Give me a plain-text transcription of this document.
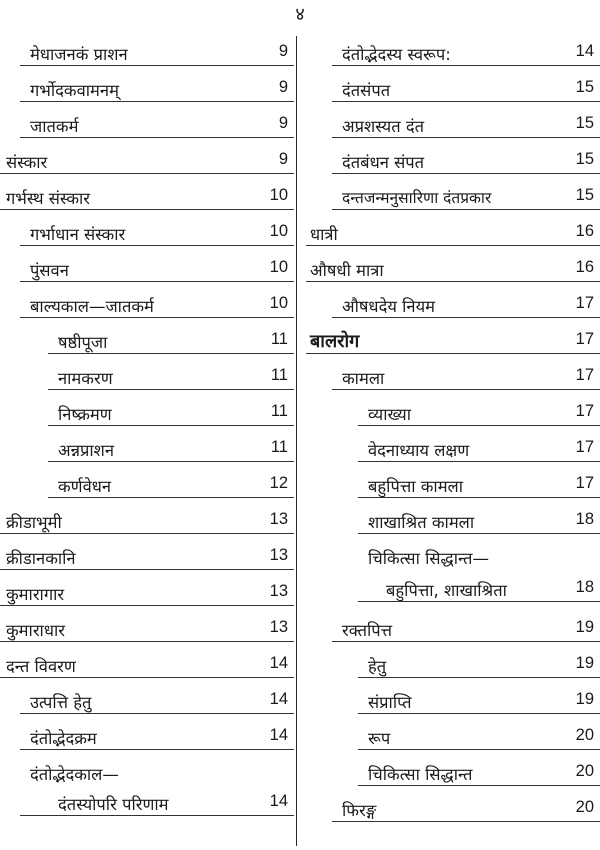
४
मेधाजनकं प्राशन	9
गर्भोदकवामनम्	9
जातकर्म	9
संस्कार	9
गर्भस्थ संस्कार	10
गर्भाधान संस्कार	10
पुंसवन	10
बाल्यकाल—जातकर्म	10
षष्ठीपूजा	11
नामकरण	11
निष्क्रमण	11
अन्नप्राशन	11
कर्णवेधन	12
क्रीडाभूमी	13
क्रीडानकानि	13
कुमारागार	13
कुमाराधार	13
दन्त विवरण	14
उत्पत्ति हेतु	14
दंतोद्भेदक्रम	14
दंतोद्भेदकाल—
दंतस्योपरि परिणाम	14
दंतोद्भेदस्य स्वरूप:	14
दंतसंपत	15
अप्रशस्यत दंत	15
दंतबंधन संपत	15
दन्तजन्मनुसारिणा दंतप्रकार	15
धात्री	16
औषधी मात्रा	16
औषधदेय नियम	17
बालरोग	17
कामला	17
व्याख्या	17
वेदनाध्याय लक्षण	17
बहुपित्ता कामला	17
शाखाश्रित कामला	18
चिकित्सा सिद्धान्त—
बहुपित्ता, शाखाश्रिता	18
रक्तपित्त	19
हेतु	19
संप्राप्ति	19
रूप	20
चिकित्सा सिद्धान्त	20
फिरङ्ग	20
